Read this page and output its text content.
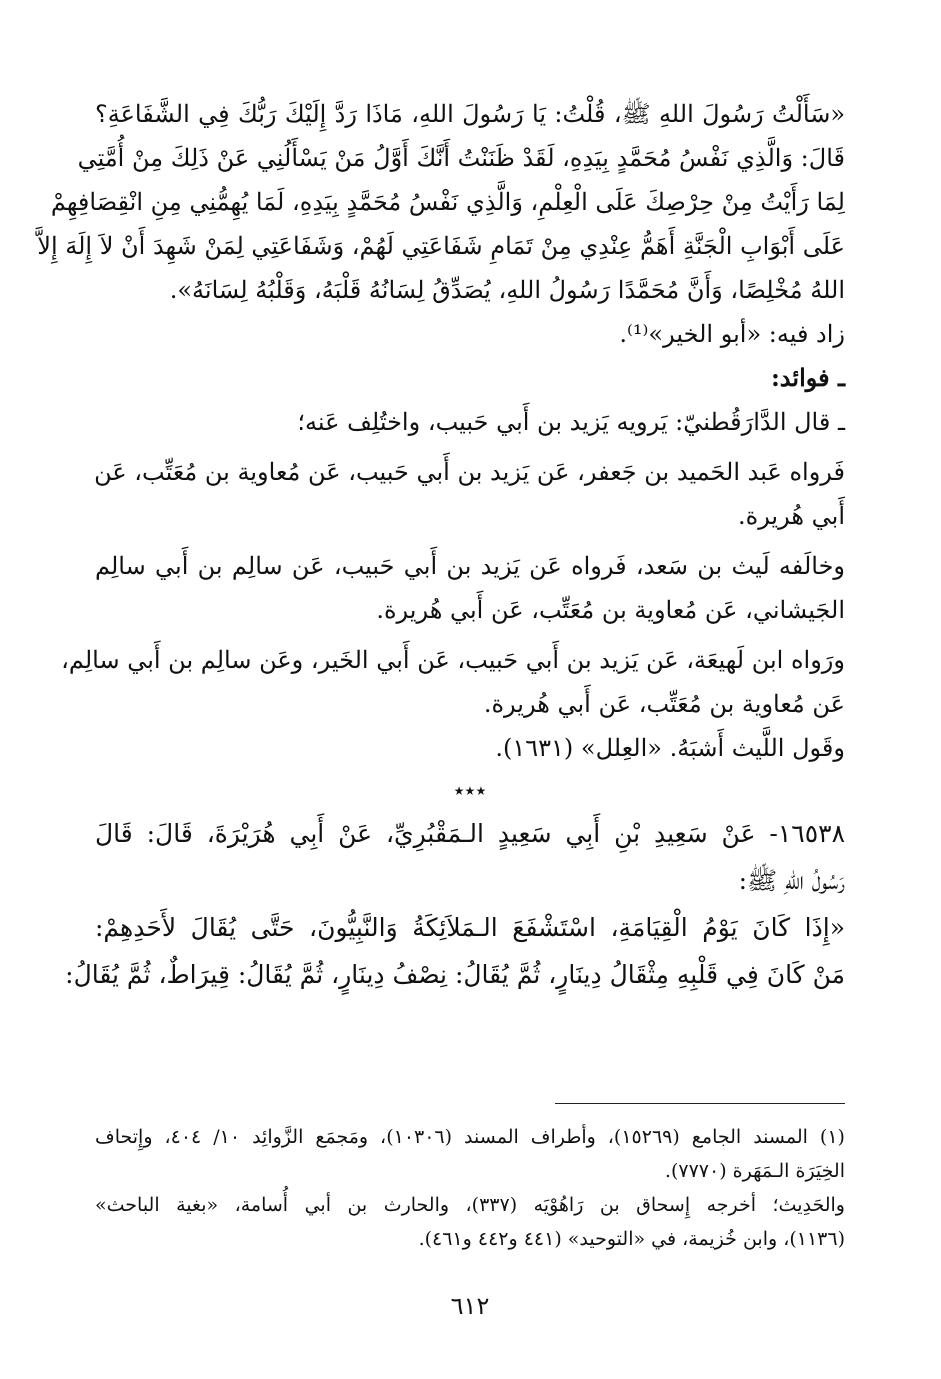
«سَأَلْتُ رَسُولَ اللهِ ﷺ، قُلْتُ: يَا رَسُولَ اللهِ، مَاذَا رَدَّ إِلَيْكَ رَبُّكَ فِي الشَّفَاعَةِ؟
قَالَ: وَالَّذِي نَفْسُ مُحَمَّدٍ بِيَدِهِ، لَقَدْ ظَنَنْتُ أَنَّكَ أَوَّلُ مَنْ يَسْأَلُنِي عَنْ ذَلِكَ مِنْ أُمَّتِي
لِمَا رَأَيْتُ مِنْ حِرْصِكَ عَلَى الْعِلْمِ، وَالَّذِي نَفْسُ مُحَمَّدٍ بِيَدِهِ، لَمَا يُهِمُّنِي مِنِ انْقِصَافِهِمْ
عَلَى أَبْوَابِ الْجَنَّةِ أَهَمُّ عِنْدِي مِنْ تَمَامِ شَفَاعَتِي لَهُمْ، وَشَفَاعَتِي لِمَنْ شَهِدَ أَنْ لاَ إِلَهَ إِلاَّ
اللهُ مُخْلِصًا، وَأَنَّ مُحَمَّدًا رَسُولُ اللهِ، يُصَدِّقُ لِسَانُهُ قَلْبَهُ، وَقَلْبُهُ لِسَانَهُ».
زاد فيه: «أبو الخير»⁽¹⁾.
ـ فوائد:
ـ قال الدَّارَقُطنيّ: يَرويه يَزيد بن أَبي حَبيب، واختُلِف عَنه؛
فَرواه عَبد الحَميد بن جَعفر، عَن يَزيد بن أَبي حَبيب، عَن مُعاوية بن مُعَتِّب، عَن
أَبي هُريرة.
وخالَفه لَيث بن سَعد، فَرواه عَن يَزيد بن أَبي حَبيب، عَن سالِم بن أَبي سالِم
الجَيشاني، عَن مُعاوية بن مُعَتِّب، عَن أَبي هُريرة.
ورَواه ابن لَهيعَة، عَن يَزيد بن أَبي حَبيب، عَن أَبي الخَير، وعَن سالِم بن أَبي سالِم،
عَن مُعاوية بن مُعَتِّب، عَن أَبي هُريرة.
وقَول اللَّيث أَشبَهُ. «العِلل» (١٦٣١).
٭٭٭
١٦٥٣٨- عَنْ سَعِيدِ بْنِ أَبِي سَعِيدٍ الـمَقْبُرِيِّ، عَنْ أَبِي هُرَيْرَةَ، قَالَ: قَالَ
رَسُولُ اللهِ ﷺ:
«إِذَا كَانَ يَوْمُ الْقِيَامَةِ، اسْتَشْفَعَ الـمَلاَئِكَةُ وَالنَّبِيُّونَ، حَتَّى يُقَالَ لأَحَدِهِمْ:
مَنْ كَانَ فِي قَلْبِهِ مِثْقَالُ دِينَارٍ، ثُمَّ يُقَالُ: نِصْفُ دِينَارٍ، ثُمَّ يُقَالُ: قِيرَاطٌ، ثُمَّ يُقَالُ:
(١) المسند الجامع (١٥٢٦٩)، وأطراف المسند (١٠٣٠٦)، ومَجمَع الزَّوائِد ١٠/ ٤٠٤، وإِتحاف
الخِيَرَة الـمَهَرة (٧٧٧٠).
والحَدِيث؛ أخرجه إِسحاق بن رَاهُوْيَه (٣٣٧)، والحارث بن أبي أُسامة، «بغية الباحث»
(١١٣٦)، وابن خُزيمة، في «التوحيد» (٤٤١ و٤٤٢ و٤٦١).
٦١٢
